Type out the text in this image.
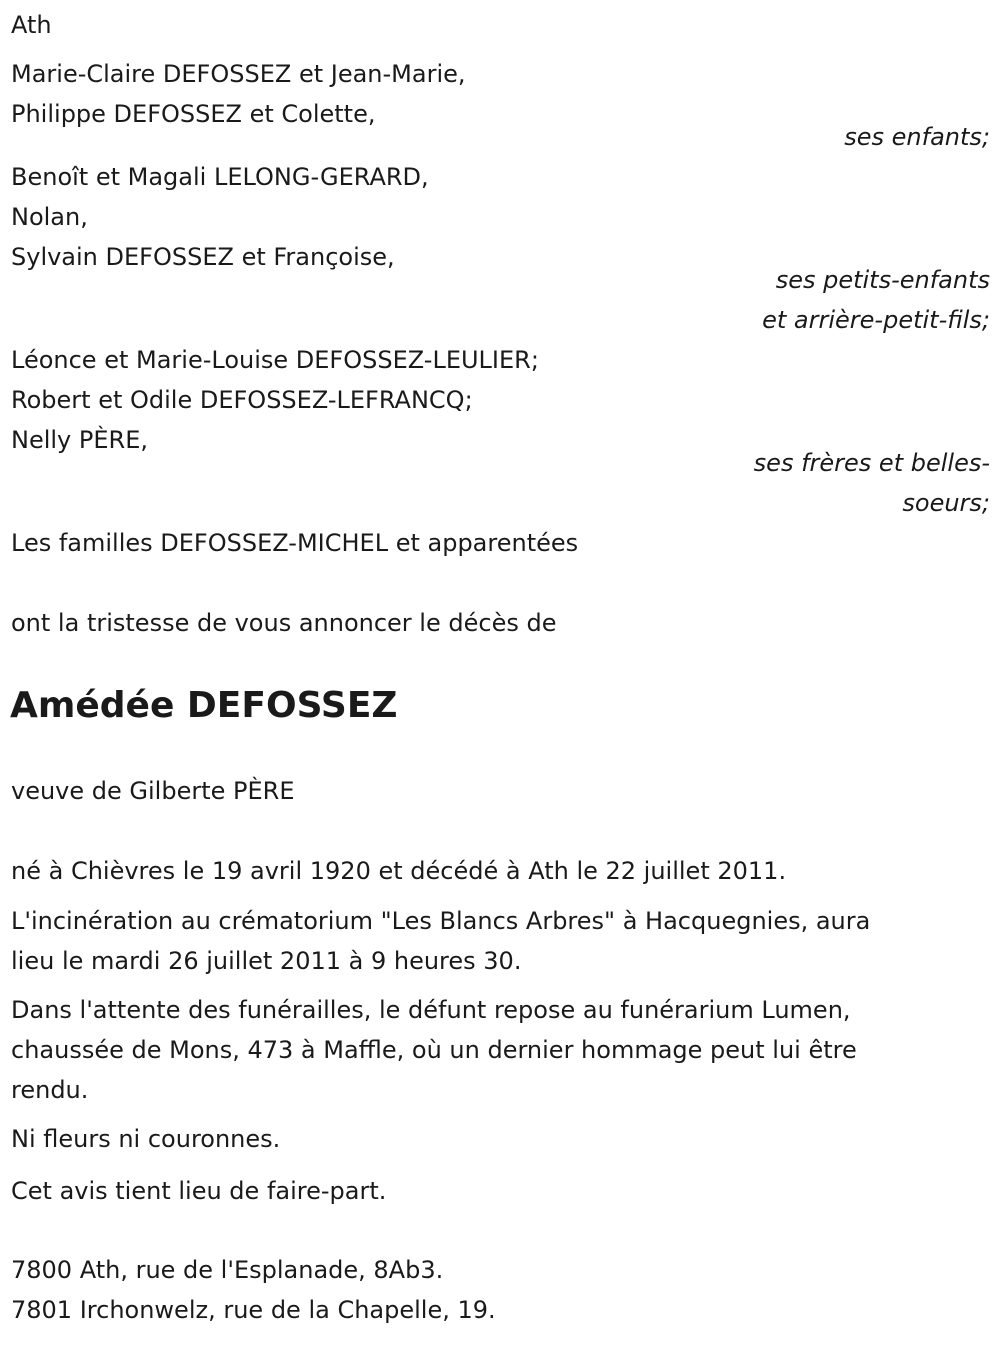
Ath
Marie-Claire DEFOSSEZ et Jean-Marie,
Philippe DEFOSSEZ et Colette,
ses enfants;
Benoît et Magali LELONG-GERARD,
Nolan,
Sylvain DEFOSSEZ et Françoise,
ses petits-enfants
et arrière-petit-fils;
Léonce et Marie-Louise DEFOSSEZ-LEULIER;
Robert et Odile DEFOSSEZ-LEFRANCQ;
Nelly PÈRE,
ses frères et belles-
soeurs;
Les familles DEFOSSEZ-MICHEL et apparentées
ont la tristesse de vous annoncer le décès de
Amédée DEFOSSEZ
veuve de Gilberte PÈRE
né à Chièvres le 19 avril 1920 et décédé à Ath le 22 juillet 2011.
L'incinération au crématorium "Les Blancs Arbres" à Hacquegnies, aura
lieu le mardi 26 juillet 2011 à 9 heures 30.
Dans l'attente des funérailles, le défunt repose au funérarium Lumen,
chaussée de Mons, 473 à Maffle, où un dernier hommage peut lui être
rendu.
Ni fleurs ni couronnes.
Cet avis tient lieu de faire-part.
7800 Ath, rue de l'Esplanade, 8Ab3.
7801 Irchonwelz, rue de la Chapelle, 19.
